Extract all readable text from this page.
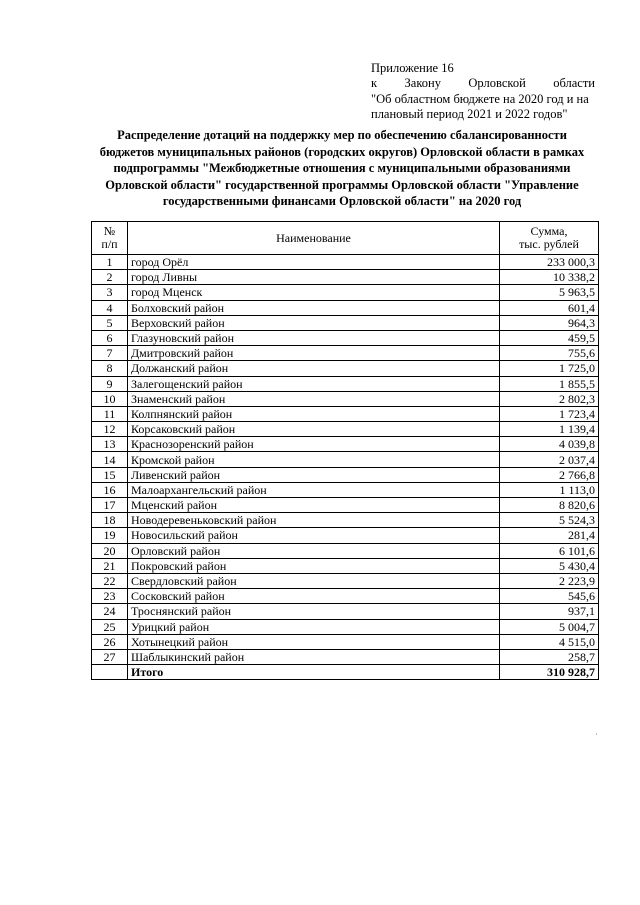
Приложение 16
к Закону Орловской области
"Об областном бюджете на 2020 год и на
плановый период 2021 и 2022 годов"
Распределение дотаций на поддержку мер по обеспечению сбалансированности
бюджетов муниципальных районов (городских округов) Орловской области в рамках
подпрограммы "Межбюджетные отношения с муниципальными образованиями
Орловской области" государственной программы Орловской области "Управление
государственными финансами Орловской области" на 2020 год
№
п/п	Наименование	Сумма,
тыс. рублей
1	город Орёл	233 000,3
2	город Ливны	10 338,2
3	город Мценск	5 963,5
4	Болховский район	601,4
5	Верховский район	964,3
6	Глазуновский район	459,5
7	Дмитровский район	755,6
8	Должанский район	1 725,0
9	Залегощенский район	1 855,5
10	Знаменский район	2 802,3
11	Колпнянский район	1 723,4
12	Корсаковский район	1 139,4
13	Краснозоренский район	4 039,8
14	Кромской район	2 037,4
15	Ливенский район	2 766,8
16	Малоархангельский район	1 113,0
17	Мценский район	8 820,6
18	Новодеревеньковский район	5 524,3
19	Новосильский район	281,4
20	Орловский район	6 101,6
21	Покровский район	5 430,4
22	Свердловский район	2 223,9
23	Сосковский район	545,6
24	Троснянский район	937,1
25	Урицкий район	5 004,7
26	Хотынецкий район	4 515,0
27	Шаблыкинский район	258,7
	Итого	310 928,7
